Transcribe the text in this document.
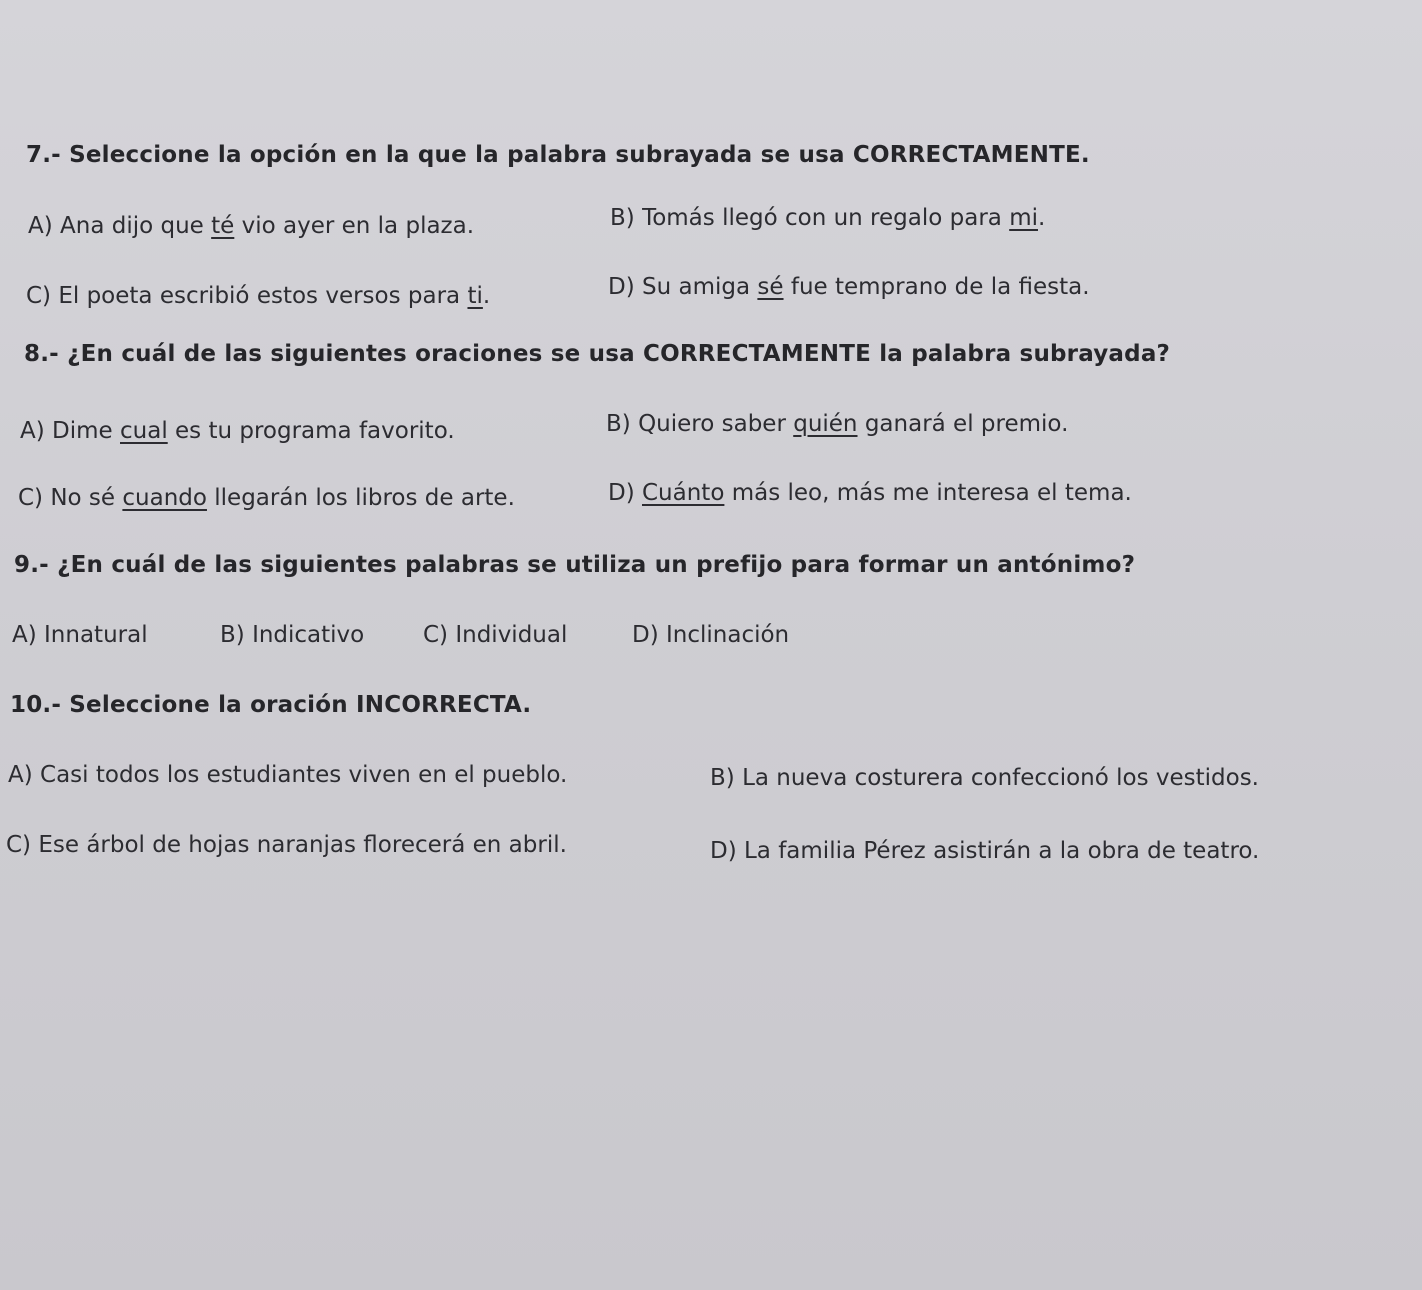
7.- Seleccione la opción en la que la palabra subrayada se usa CORRECTAMENTE.
A) Ana dijo que té vio ayer en la plaza.	B) Tomás llegó con un regalo para mi.
C) El poeta escribió estos versos para ti.	D) Su amiga sé fue temprano de la fiesta.
8.- ¿En cuál de las siguientes oraciones se usa CORRECTAMENTE la palabra subrayada?
A) Dime cual es tu programa favorito.	B) Quiero saber quién ganará el premio.
C) No sé cuando llegarán los libros de arte.	D) Cuánto más leo, más me interesa el tema.
9.- ¿En cuál de las siguientes palabras se utiliza un prefijo para formar un antónimo?
A) Innatural	B) Indicativo	C) Individual	D) Inclinación
10.- Seleccione la oración INCORRECTA.
A) Casi todos los estudiantes viven en el pueblo.	B) La nueva costurera confeccionó los vestidos.
C) Ese árbol de hojas naranjas florecerá en abril.	D) La familia Pérez asistirán a la obra de teatro.
